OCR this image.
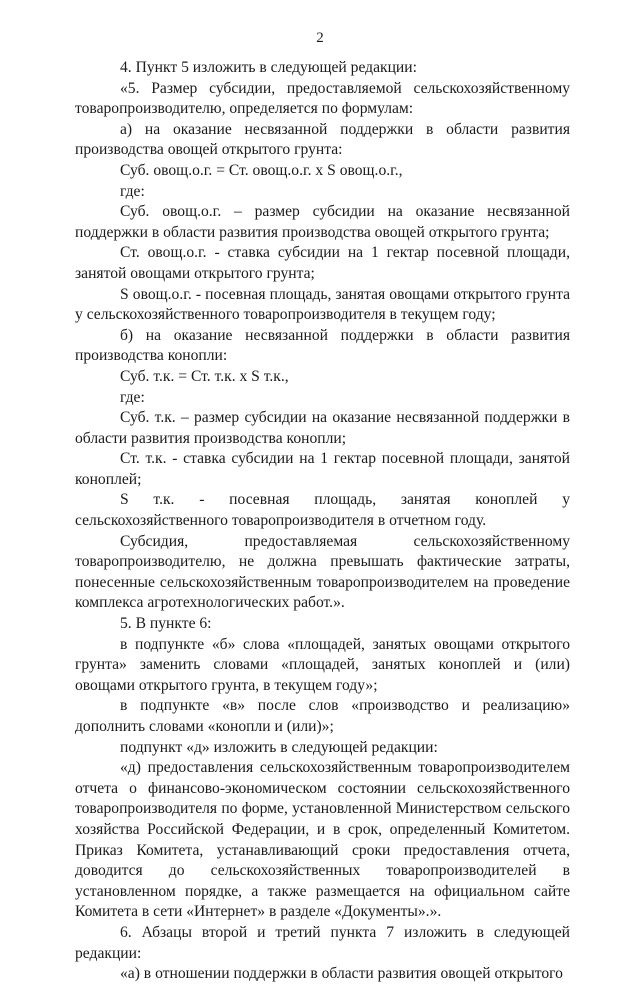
2

4. Пункт 5 изложить в следующей редакции:

«5. Размер субсидии, предоставляемой сельскохозяйственному товаропроизводителю, определяется по формулам:

а) на оказание несвязанной поддержки в области развития производства овощей открытого грунта:

Суб. овощ.о.г. = Ст. овощ.о.г. х S овощ.о.г.,

где:

Суб. овощ.о.г. – размер субсидии на оказание несвязанной поддержки в области развития производства овощей открытого грунта;

Ст. овощ.о.г. - ставка субсидии на 1 гектар посевной площади, занятой овощами открытого грунта;

S овощ.о.г. - посевная площадь, занятая овощами открытого грунта у сельскохозяйственного товаропроизводителя в текущем году;

б) на оказание несвязанной поддержки в области развития производства конопли:

Суб. т.к. = Ст. т.к. х S т.к.,

где:

Суб. т.к. – размер субсидии на оказание несвязанной поддержки в области развития производства конопли;

Ст. т.к. - ставка субсидии на 1 гектар посевной площади, занятой коноплей;

S т.к. - посевная площадь, занятая коноплей у сельскохозяйственного товаропроизводителя в отчетном году.

Субсидия, предоставляемая сельскохозяйственному товаропроизводителю, не должна превышать фактические затраты, понесенные сельскохозяйственным товаропроизводителем на проведение комплекса агротехнологических работ.».

5. В пункте 6:

в подпункте «б» слова «площадей, занятых овощами открытого грунта» заменить словами «площадей, занятых коноплей и (или) овощами открытого грунта, в текущем году»;

в подпункте «в» после слов «производство и реализацию» дополнить словами «конопли и (или)»;

подпункт «д» изложить в следующей редакции:

«д) предоставления сельскохозяйственным товаропроизводителем отчета о финансово-экономическом состоянии сельскохозяйственного товаропроизводителя по форме, установленной Министерством сельского хозяйства Российской Федерации, и в срок, определенный Комитетом. Приказ Комитета, устанавливающий сроки предоставления отчета, доводится до сельскохозяйственных товаропроизводителей в установленном порядке, а также размещается на официальном сайте Комитета в сети «Интернет» в разделе «Документы».».

6. Абзацы второй и третий пункта 7 изложить в следующей редакции:

«а) в отношении поддержки в области развития овощей открытого
